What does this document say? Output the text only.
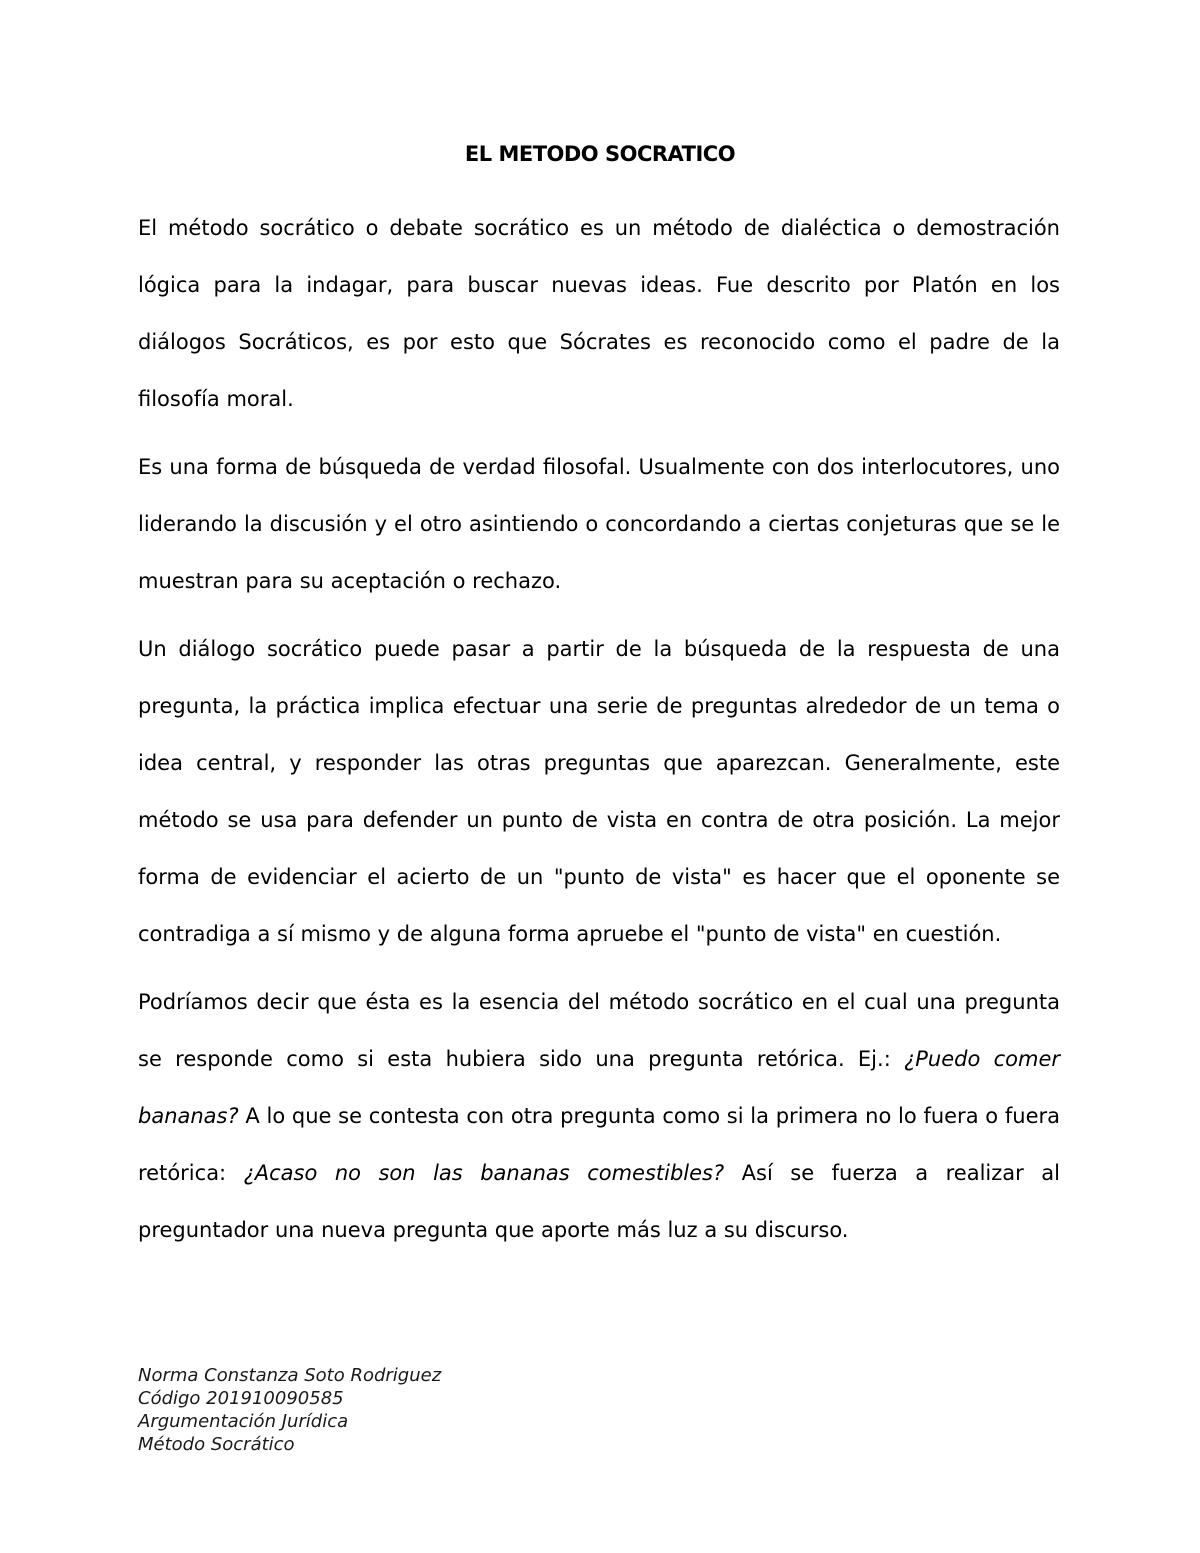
EL METODO SOCRATICO

El método socrático o debate socrático es un método de dialéctica o demostración lógica para la indagar, para buscar nuevas ideas. Fue descrito por Platón en los diálogos Socráticos, es por esto que Sócrates es reconocido como el padre de la filosofía moral.

Es una forma de búsqueda de verdad filosofal. Usualmente con dos interlocutores, uno liderando la discusión y el otro asintiendo o concordando a ciertas conjeturas que se le muestran para su aceptación o rechazo.

Un diálogo socrático puede pasar a partir de la búsqueda de la respuesta de una pregunta, la práctica implica efectuar una serie de preguntas alrededor de un tema o idea central, y responder las otras preguntas que aparezcan. Generalmente, este método se usa para defender un punto de vista en contra de otra posición. La mejor forma de evidenciar el acierto de un "punto de vista" es hacer que el oponente se contradiga a sí mismo y de alguna forma apruebe el "punto de vista" en cuestión.

Podríamos decir que ésta es la esencia del método socrático en el cual una pregunta se responde como si esta hubiera sido una pregunta retórica. Ej.: ¿Puedo comer bananas? A lo que se contesta con otra pregunta como si la primera no lo fuera o fuera retórica: ¿Acaso no son las bananas comestibles? Así se fuerza a realizar al preguntador una nueva pregunta que aporte más luz a su discurso.

Norma Constanza Soto Rodriguez
Código 201910090585
Argumentación Jurídica
Método Socrático
